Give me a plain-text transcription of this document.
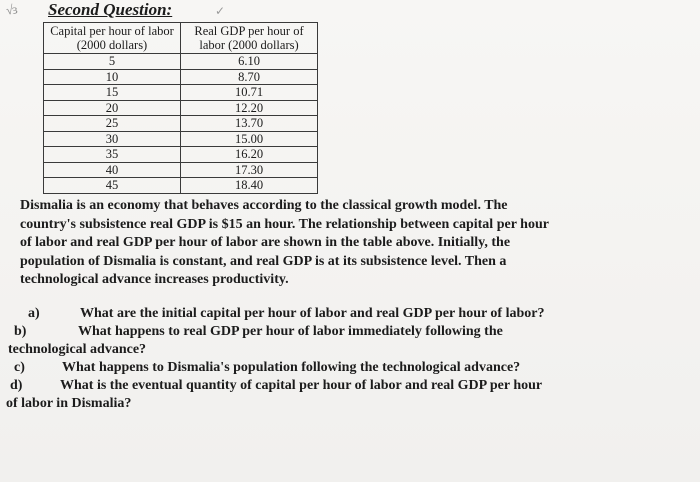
√ɜ Second Question:	✓
Capital per hour of labor (2000 dollars)	Real GDP per hour of labor (2000 dollars)
5	6.10
10	8.70
15	10.71
20	12.20
25	13.70
30	15.00
35	16.20
40	17.30
45	18.40
Dismalia is an economy that behaves according to the classical growth model. The
country's subsistence real GDP is $15 an hour. The relationship between capital per hour
of labor and real GDP per hour of labor are shown in the table above. Initially, the
population of Dismalia is constant, and real GDP is at its subsistence level. Then a
technological advance increases productivity.
a)	What are the initial capital per hour of labor and real GDP per hour of labor?
b)	What happens to real GDP per hour of labor immediately following the
technological advance?
c)	What happens to Dismalia's population following the technological advance?
d)	What is the eventual quantity of capital per hour of labor and real GDP per hour
of labor in Dismalia?
